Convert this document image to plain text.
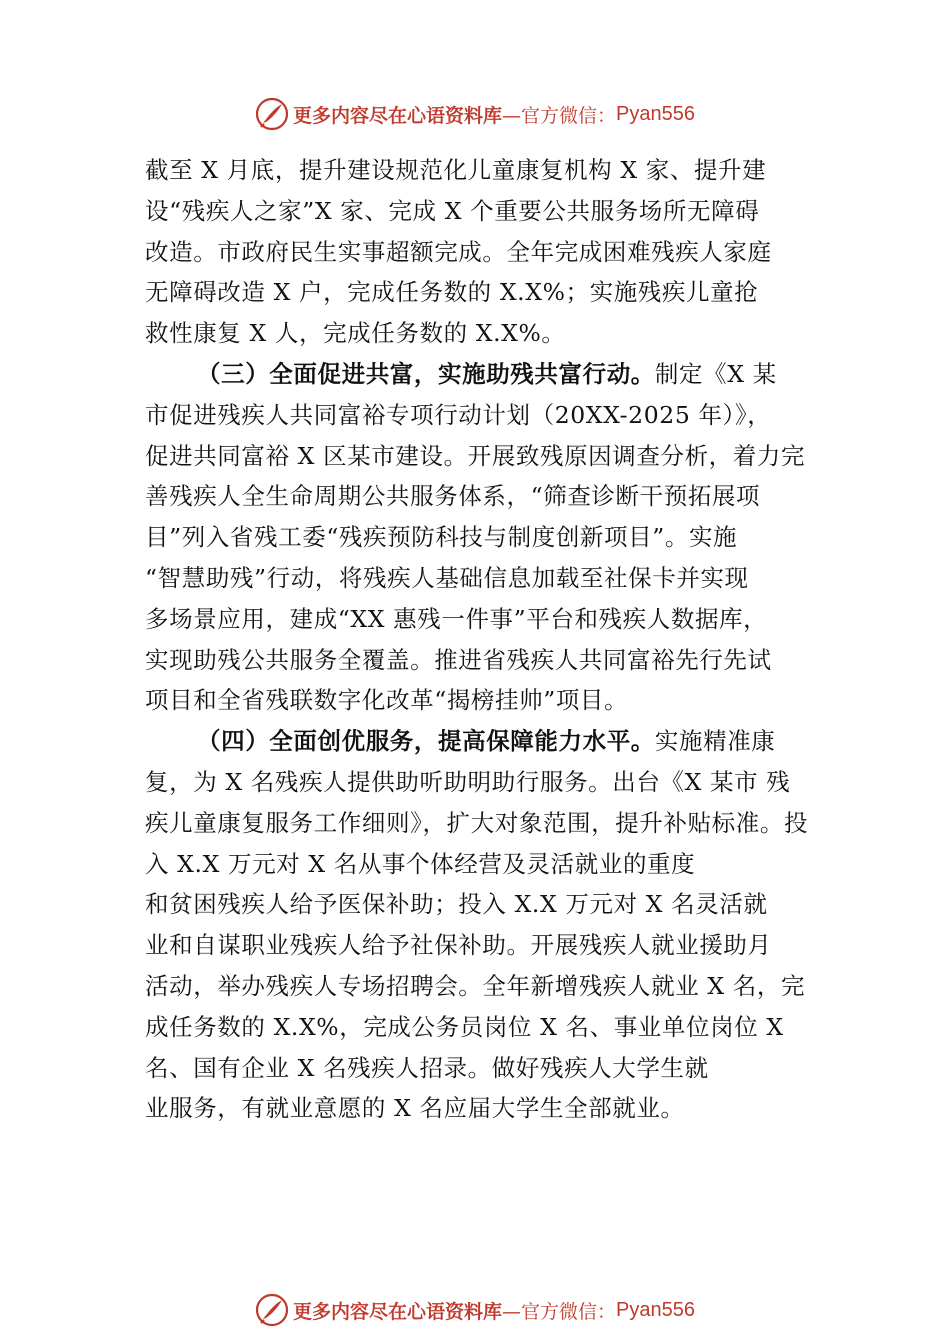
更多内容尽在心语资料库 —官方微信： Pyan556
截至 X 月底，提升建设规范化儿童康复机构 X 家、提升建
设“残疾人之家”X 家、完成 X 个重要公共服务场所无障碍
改造。市政府民生实事超额完成。全年完成困难残疾人家庭
无障碍改造 X 户，完成任务数的 X.X%；实施残疾儿童抢
救性康复 X 人，完成任务数的 X.X%。
（三）全面促进共富，实施助残共富行动。制定《X 某
市促进残疾人共同富裕专项行动计划（20XX-2025 年）》，
促进共同富裕 X 区某市建设。开展致残原因调查分析，着力完
善残疾人全生命周期公共服务体系，“筛查诊断干预拓展项
目”列入省残工委“残疾预防科技与制度创新项目”。实施
“智慧助残”行动，将残疾人基础信息加载至社保卡并实现
多场景应用，建成“XX 惠残一件事”平台和残疾人数据库，
实现助残公共服务全覆盖。推进省残疾人共同富裕先行先试
项目和全省残联数字化改革“揭榜挂帅”项目。
（四）全面创优服务，提高保障能力水平。实施精准康
复，为 X 名残疾人提供助听助明助行服务。出台《X 某市 残
疾儿童康复服务工作细则》，扩大对象范围，提升补贴标准。投
入 X.X 万元对 X 名从事个体经营及灵活就业的重度
和贫困残疾人给予医保补助；投入 X.X 万元对 X 名灵活就
业和自谋职业残疾人给予社保补助。开展残疾人就业援助月
活动，举办残疾人专场招聘会。全年新增残疾人就业 X 名，完
成任务数的 X.X%，完成公务员岗位 X 名、事业单位岗位 X
名、国有企业 X 名残疾人招录。做好残疾人大学生就
业服务，有就业意愿的 X 名应届大学生全部就业。
更多内容尽在心语资料库 —官方微信： Pyan556
